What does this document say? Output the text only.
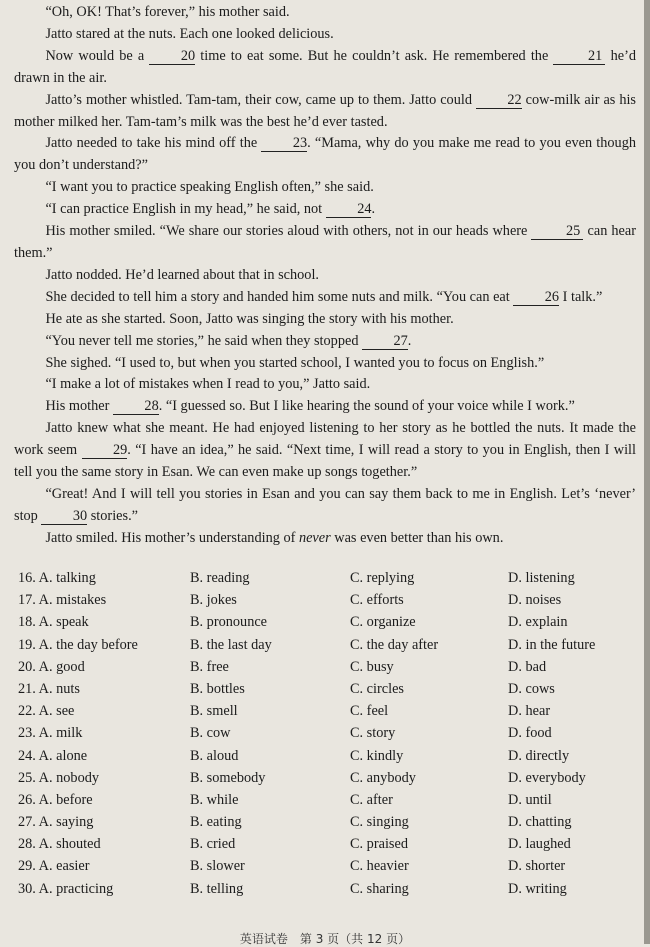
“Oh, OK! That’s forever,” his mother said.

Jatto stared at the nuts. Each one looked delicious.

Now would be a 20 time to eat some. But he couldn’t ask. He remembered the 21 he’d drawn in the air.

Jatto’s mother whistled. Tam-tam, their cow, came up to them. Jatto could 22 cow-milk air as his mother milked her. Tam-tam’s milk was the best he’d ever tasted.

Jatto needed to take his mind off the 23. “Mama, why do you make me read to you even though you don’t understand?”

“I want you to practice speaking English often,” she said.

“I can practice English in my head,” he said, not 24.

His mother smiled. “We share our stories aloud with others, not in our heads where 25 can hear them.”

Jatto nodded. He’d learned about that in school.

She decided to tell him a story and handed him some nuts and milk. “You can eat 26 I talk.”

He ate as she started. Soon, Jatto was singing the story with his mother.

“You never tell me stories,” he said when they stopped 27.

She sighed. “I used to, but when you started school, I wanted you to focus on English.”

“I make a lot of mistakes when I read to you,” Jatto said.

His mother 28. “I guessed so. But I like hearing the sound of your voice while I work.”

Jatto knew what she meant. He had enjoyed listening to her story as he bottled the nuts. It made the work seem 29. “I have an idea,” he said. “Next time, I will read a story to you in English, then I will tell you the same story in Esan. We can even make up songs together.”

“Great! And I will tell you stories in Esan and you can say them back to me in English. Let’s ‘never’ stop 30 stories.”

Jatto smiled. His mother’s understanding of never was even better than his own.

16. A. talking	B. reading	C. replying	D. listening
17. A. mistakes	B. jokes	C. efforts	D. noises
18. A. speak	B. pronounce	C. organize	D. explain
19. A. the day before	B. the last day	C. the day after	D. in the future
20. A. good	B. free	C. busy	D. bad
21. A. nuts	B. bottles	C. circles	D. cows
22. A. see	B. smell	C. feel	D. hear
23. A. milk	B. cow	C. story	D. food
24. A. alone	B. aloud	C. kindly	D. directly
25. A. nobody	B. somebody	C. anybody	D. everybody
26. A. before	B. while	C. after	D. until
27. A. saying	B. eating	C. singing	D. chatting
28. A. shouted	B. cried	C. praised	D. laughed
29. A. easier	B. slower	C. heavier	D. shorter
30. A. practicing	B. telling	C. sharing	D. writing
英语试卷　第 3 页（共 12 页）
